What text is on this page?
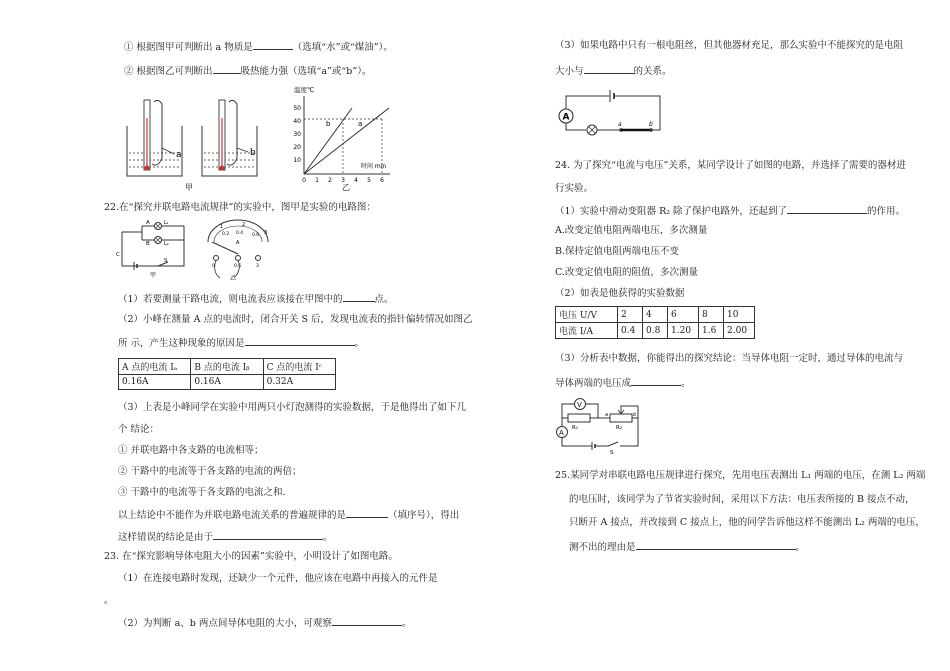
① 根据图甲可判断出 a 物质是	（选填“水”或“煤油”）。
② 根据图乙可判断出	吸热能力强（选填“a”或“b”）。
a	b
甲
温度℃
50
40
30
20
10
0 1 2 3 4 5 6
b	a
时间 min
乙
22.在“探究并联电路电流规律”的实验中，图甲是实验的电路图：
A
B
L₁
L₂
C
S
甲
1	2
3
0.2 0.4 0.6
A
0	0.6	3
乙
（1）若要测量干路电流，则电流表应该接在甲图中的	点。
（2）小峰在测量 A 点的电流时，闭合开关 S 后，发现电流表的指针偏转情况如图乙
所 示，产生这种现象的原因是	。
A 点的电流 Iₐ	B 点的电流 Iᵦ	C 点的电流 Iᶜ
0.16A	0.16A	0.32A
（3）上表是小峰同学在实验中用两只小灯泡测得的实验数据，于是他得出了如下几
个 结论：
① 并联电路中各支路的电流相等；
② 干路中的电流等于各支路的电流的两倍；
③ 干路中的电流等于各支路的电流之和.
以上结论中不能作为并联电路电流关系的普遍规律的是	（填序号），得出
这样错误的结论是由于	。
23. 在“探究影响导体电阻大小的因素”实验中，小明设计了如图电路。
（1）在连接电路时发现，还缺少一个元件，他应该在电路中再接入的元件是
。
（2）为判断 a、b 两点间导体电阻的大小，可观察	。
（3）如果电路中只有一根电阻丝，但其他器材充足，那么实验中不能探究的是电阻
大小与	的关系。
A
a	b
24. 为了探究“电流与电压”关系，某同学设计了如图的电路，并选择了需要的器材进
行实验。
（1）实验中滑动变阻器 R₂ 除了保护电路外，还起到了	的作用。
A.改变定值电阻两端电压，多次测量
B.保持定值电阻两端电压不变
C.改变定值电阻的阻值，多次测量
（2）如表是他获得的实验数据
电压 U/V	2	4	6	8	10
电流 I/A	0.4	0.8	1.20	1.6	2.00
（3）分析表中数据，你能得出的探究结论：当导体电阻一定时，通过导体的电流与
导体两端的电压成	。
V
R₁	R₂
a	b
A
S
25.某同学对串联电路电压规律进行探究，先用电压表测出 L₁ 两端的电压，在测 L₂ 两端
的电压时，该同学为了节省实验时间，采用以下方法：电压表所接的 B 接点不动，
只断开 A 接点，并改接到 C 接点上，他的同学告诉他这样不能测出 L₂ 两端的电压，
测不出的理由是	。
